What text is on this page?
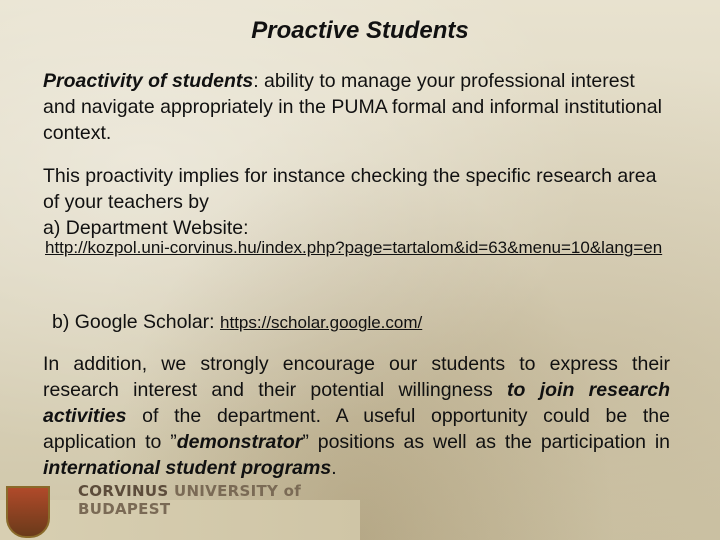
Proactive Students
Proactivity of students: ability to manage your professional interest and navigate appropriately in the PUMA formal and informal institutional context.
This proactivity implies for instance checking the specific research area of your teachers by
a) Department Website:
http://kozpol.uni-corvinus.hu/index.php?page=tartalom&id=63&menu=10&lang=en
b) Google Scholar: https://scholar.google.com/
In addition, we strongly encourage our students to express their research interest and their potential willingness to join research activities of the department. A useful opportunity could be the application to ”demonstrator” positions as well as the participation in international student programs.
CORVINUS UNIVERSITY of BUDAPEST
